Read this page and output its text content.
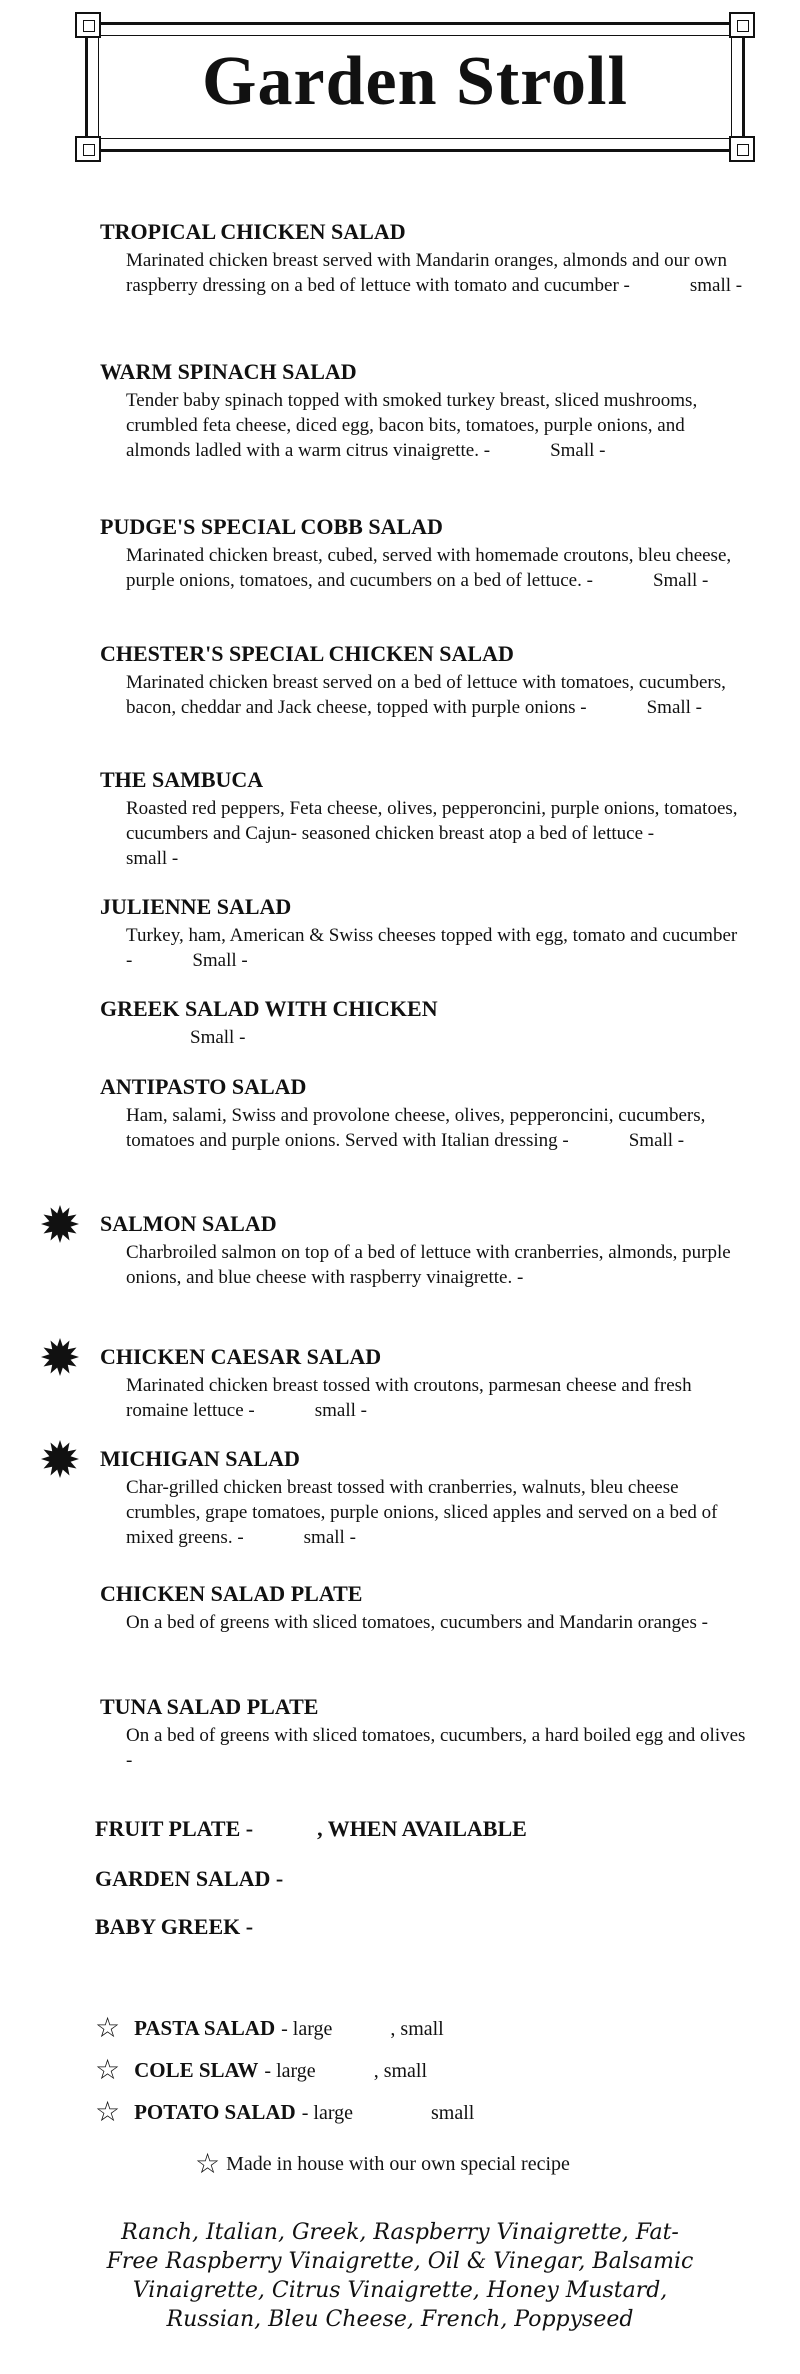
Garden Stroll
TROPICAL CHICKEN SALAD
Marinated chicken breast served with Mandarin oranges, almonds and our own raspberry dressing on a bed of lettuce with tomato and cucumber -	small -
WARM SPINACH SALAD
Tender baby spinach topped with smoked turkey breast, sliced mushrooms, crumbled feta cheese, diced egg, bacon bits, tomatoes, purple onions, and almonds ladled with a warm citrus vinaigrette. -	Small -
PUDGE'S SPECIAL COBB SALAD
Marinated chicken breast, cubed, served with homemade croutons, bleu cheese, purple onions, tomatoes, and cucumbers on a bed of lettuce. -	Small -
CHESTER'S SPECIAL CHICKEN SALAD
Marinated chicken breast served on a bed of lettuce with tomatoes, cucumbers, bacon, cheddar and Jack cheese, topped with purple onions -	Small -
THE SAMBUCA
Roasted red peppers, Feta cheese, olives, pepperoncini, purple onions, tomatoes, cucumbers and Cajun- seasoned chicken breast atop a bed of lettuce -small -
JULIENNE SALAD
Turkey, ham, American & Swiss cheeses topped with egg, tomato and cucumber -	Small -
GREEK SALAD WITH CHICKEN
Small -
ANTIPASTO SALAD
Ham, salami, Swiss and provolone cheese, olives, pepperoncini, cucumbers, tomatoes and purple onions. Served with Italian dressing -	Small -
SALMON SALAD
Charbroiled salmon on top of a bed of lettuce with cranberries, almonds, purple onions, and blue cheese with raspberry vinaigrette. -
CHICKEN CAESAR SALAD
Marinated chicken breast tossed with croutons, parmesan cheese and fresh romaine lettuce -	small -
MICHIGAN SALAD
Char-grilled chicken breast tossed with cranberries, walnuts, bleu cheese crumbles, grape tomatoes, purple onions, sliced apples and served on a bed of mixed greens. -	small -
CHICKEN SALAD PLATE
On a bed of greens with sliced tomatoes, cucumbers and Mandarin oranges -
TUNA SALAD PLATE
On a bed of greens with sliced tomatoes, cucumbers, a hard boiled egg and olives -
FRUIT PLATE -	, WHEN AVAILABLE
GARDEN SALAD -
BABY GREEK -
☆ PASTA SALAD - large	, small
☆ COLE SLAW - large	, small
☆ POTATO SALAD - large	small
☆ Made in house with our own special recipe
Ranch, Italian, Greek, Raspberry Vinaigrette, Fat-Free Raspberry Vinaigrette, Oil & Vinegar, Balsamic Vinaigrette, Citrus Vinaigrette, Honey Mustard, Russian, Bleu Cheese, French, Poppyseed
